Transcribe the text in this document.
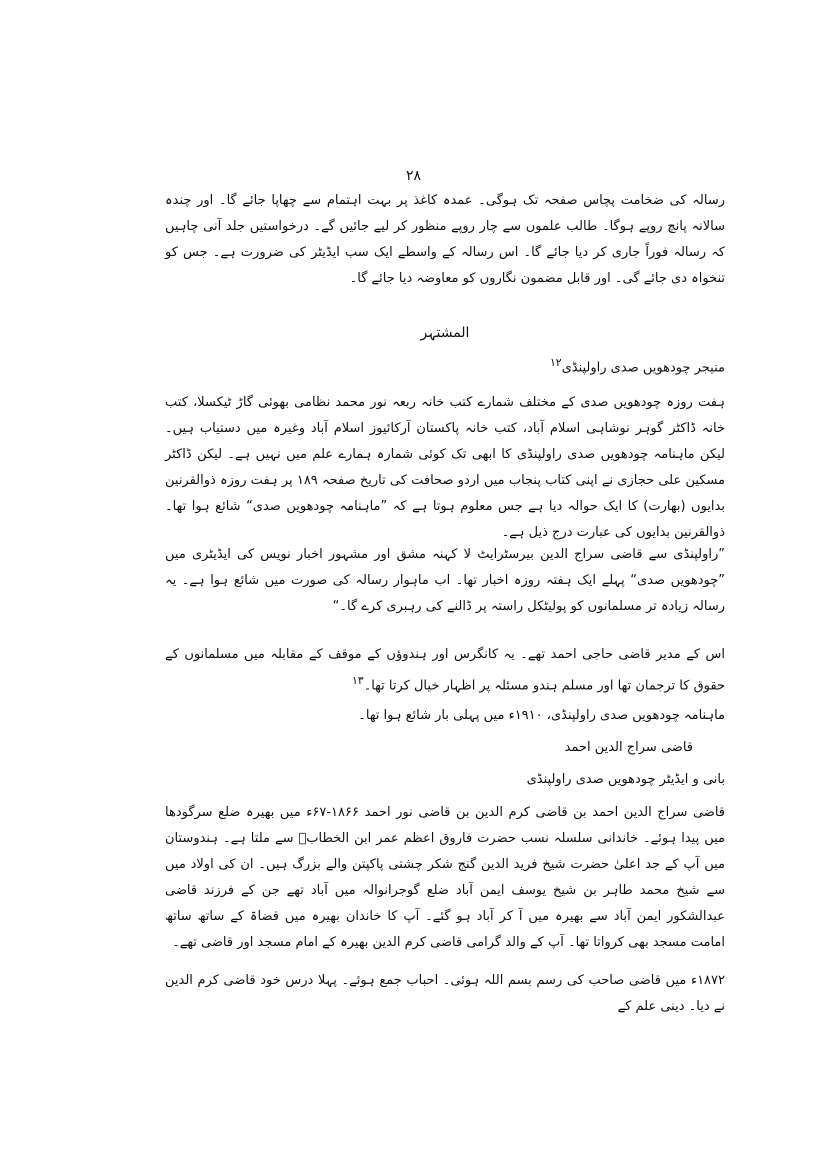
۲۸

رسالہ کی ضخامت پچاس صفحہ تک ہوگی۔ عمدہ کاغذ پر بہت اہتمام سے چھاپا جائے گا۔ اور چندہ سالانہ پانچ روپے ہوگا۔ طالب علموں سے چار روپے منظور کر لیے جائیں گے۔ درخواستیں جلد آنی چاہیں کہ رسالہ فوراً جاری کر دیا جائے گا۔ اس رسالہ کے واسطے ایک سب ایڈیٹر کی ضرورت ہے۔ جس کو تنخواہ دی جائے گی۔ اور قابل مضمون نگاروں کو معاوضہ دیا جائے گا۔

المشتہر
منیجر چودھویں صدی راولپنڈی$^{۱۲}$

ہفت روزہ چودھویں صدی کے مختلف شمارے کتب خانہ ربعہ نور محمد نظامی بھوئی گاڑ ٹیکسلا، کتب خانہ ڈاکٹر گوہر نوشاہی اسلام آباد، کتب خانہ پاکستان آرکائیوز اسلام آباد وغیرہ میں دستیاب ہیں۔ لیکن ماہنامہ چودھویں صدی راولپنڈی کا ابھی تک کوئی شمارہ ہمارے علم میں نہیں ہے۔ لیکن ڈاکٹر مسکین علی حجازی نے اپنی کتاب پنجاب میں اردو صحافت کی تاریخ صفحہ ۱۸۹ پر ہفت روزہ ذوالقرنین بدایوں (بھارت) کا ایک حوالہ دیا ہے جس معلوم ہوتا ہے کہ ”ماہنامہ چودھویں صدی“ شائع ہوا تھا۔ ذوالقرنین بدایوں کی عبارت درج ذیل ہے۔

”راولپنڈی سے قاضی سراج الدین بیرسٹرایٹ لا کہنہ مشق اور مشہور اخبار نویس کی ایڈیٹری میں ”چودھویں صدی“ پہلے ایک ہفتہ روزہ اخبار تھا۔ اب ماہوار رسالہ کی صورت میں شائع ہوا ہے۔ یہ رسالہ زیادہ تر مسلمانوں کو پولیٹکل راستہ پر ڈالنے کی رہبری کرے گا۔“

اس کے مدیر قاضی حاجی احمد تھے۔ یہ کانگرس اور ہندوؤں کے موقف کے مقابلہ میں مسلمانوں کے حقوق کا ترجمان تھا اور مسلم ہندو مسئلہ پر اظہار خیال کرتا تھا۔$^{۱۳}$
ماہنامہ چودھویں صدی راولپنڈی، ۱۹۱۰ء میں پہلی بار شائع ہوا تھا۔
قاضی سراج الدین احمد
بانی و ایڈیٹر چودھویں صدی راولپنڈی

قاضی سراج الدین احمد بن قاضی کرم الدین بن قاضی نور احمد ۱۸۶۶-۶۷ء میں بھیرہ ضلع سرگودھا میں پیدا ہوئے۔ خاندانی سلسلہ نسب حضرت فاروق اعظم عمر ابن الخطابؓ سے ملتا ہے۔ ہندوستان میں آپ کے جد اعلیٰ حضرت شیخ فرید الدین گنج شکر چشتی پاکپتن والے بزرگ ہیں۔ ان کی اولاد میں سے شیخ محمد طاہر بن شیخ یوسف ایمن آباد ضلع گوجرانوالہ میں آباد تھے جن کے فرزند قاضی عبدالشکور ایمن آباد سے بھیرہ میں آ کر آباد ہو گئے۔ آپ کا خاندان بھیرہ میں قضاۃ کے ساتھ ساتھ امامت مسجد بھی کرواتا تھا۔ آپ کے والد گرامی قاضی کرم الدین بھیرہ کے امام مسجد اور قاضی تھے۔

۱۸۷۲ء میں قاضی صاحب کی رسم بسم اللہ ہوئی۔ احباب جمع ہوئے۔ پہلا درس خود قاضی کرم الدین نے دیا۔ دینی علم کے
